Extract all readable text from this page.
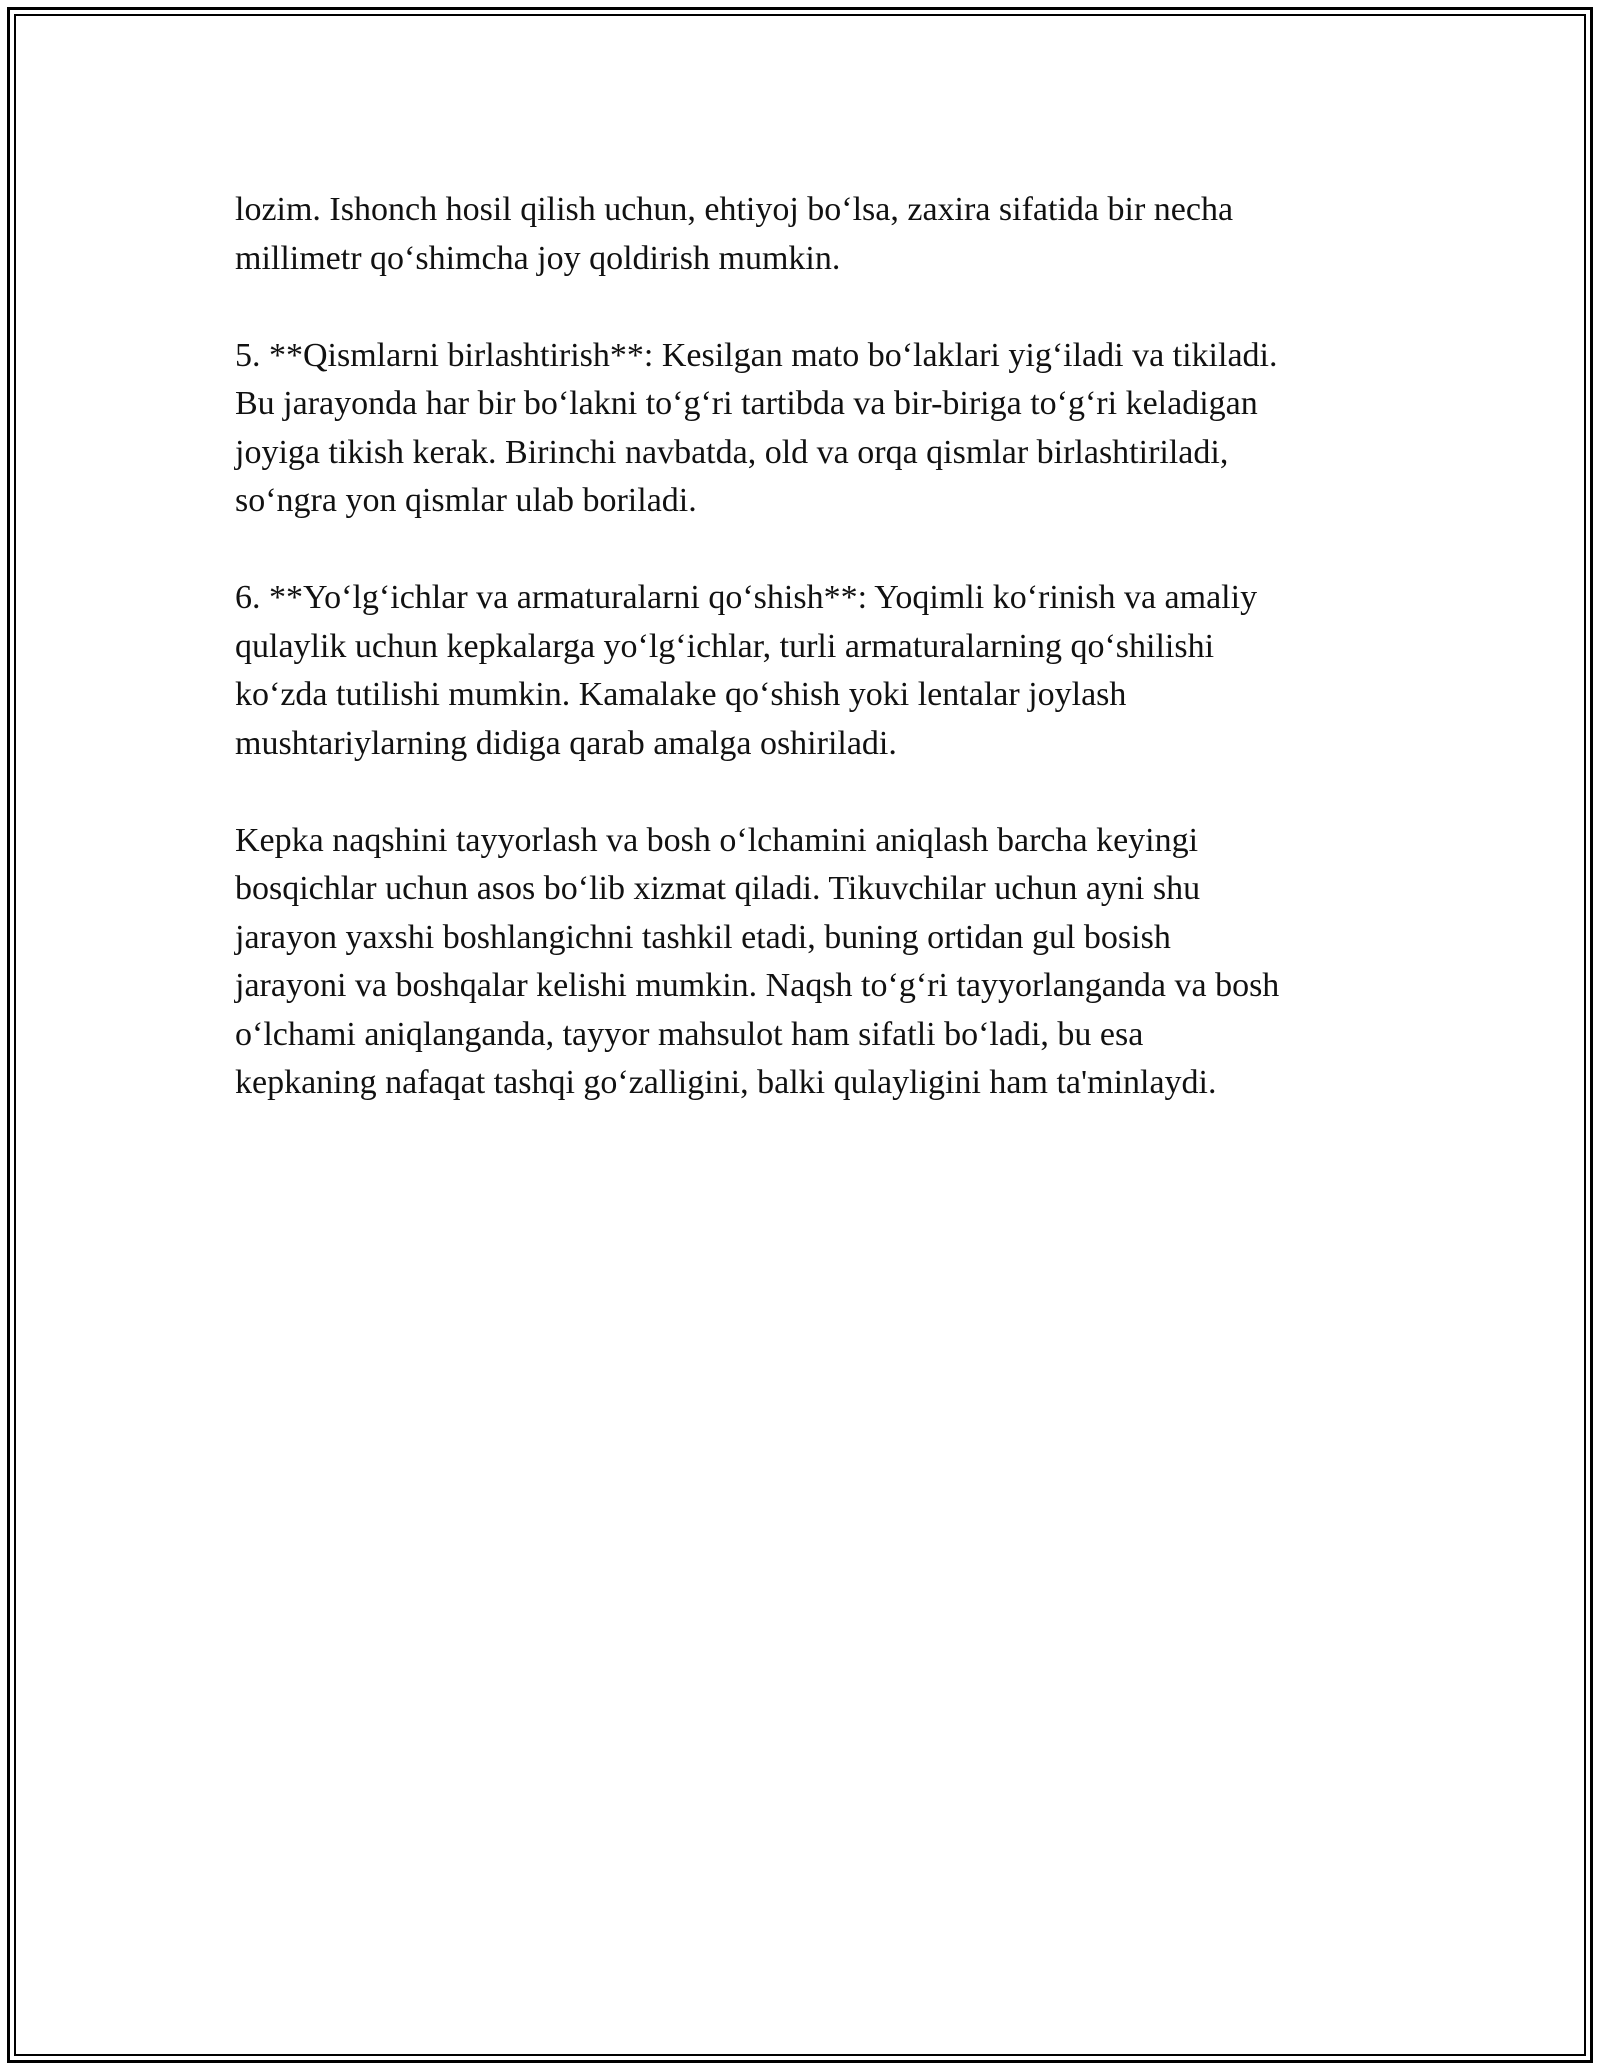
lozim. Ishonch hosil qilish uchun, ehtiyoj bo‘lsa, zaxira sifatida bir necha
millimetr qo‘shimcha joy qoldirish mumkin.

5. **Qismlarni birlashtirish**: Kesilgan mato bo‘laklari yig‘iladi va tikiladi.
Bu jarayonda har bir bo‘lakni to‘g‘ri tartibda va bir-biriga to‘g‘ri keladigan
joyiga tikish kerak. Birinchi navbatda, old va orqa qismlar birlashtiriladi,
so‘ngra yon qismlar ulab boriladi.

6. **Yo‘lg‘ichlar va armaturalarni qo‘shish**: Yoqimli ko‘rinish va amaliy
qulaylik uchun kepkalarga yo‘lg‘ichlar, turli armaturalarning qo‘shilishi
ko‘zda tutilishi mumkin. Kamalake qo‘shish yoki lentalar joylash
mushtariylarning didiga qarab amalga oshiriladi.

Kepka naqshini tayyorlash va bosh o‘lchamini aniqlash barcha keyingi
bosqichlar uchun asos bo‘lib xizmat qiladi. Tikuvchilar uchun ayni shu
jarayon yaxshi boshlangichni tashkil etadi, buning ortidan gul bosish
jarayoni va boshqalar kelishi mumkin. Naqsh to‘g‘ri tayyorlanganda va bosh
o‘lchami aniqlanganda, tayyor mahsulot ham sifatli bo‘ladi, bu esa
kepkaning nafaqat tashqi go‘zalligini, balki qulayligini ham ta'minlaydi.
